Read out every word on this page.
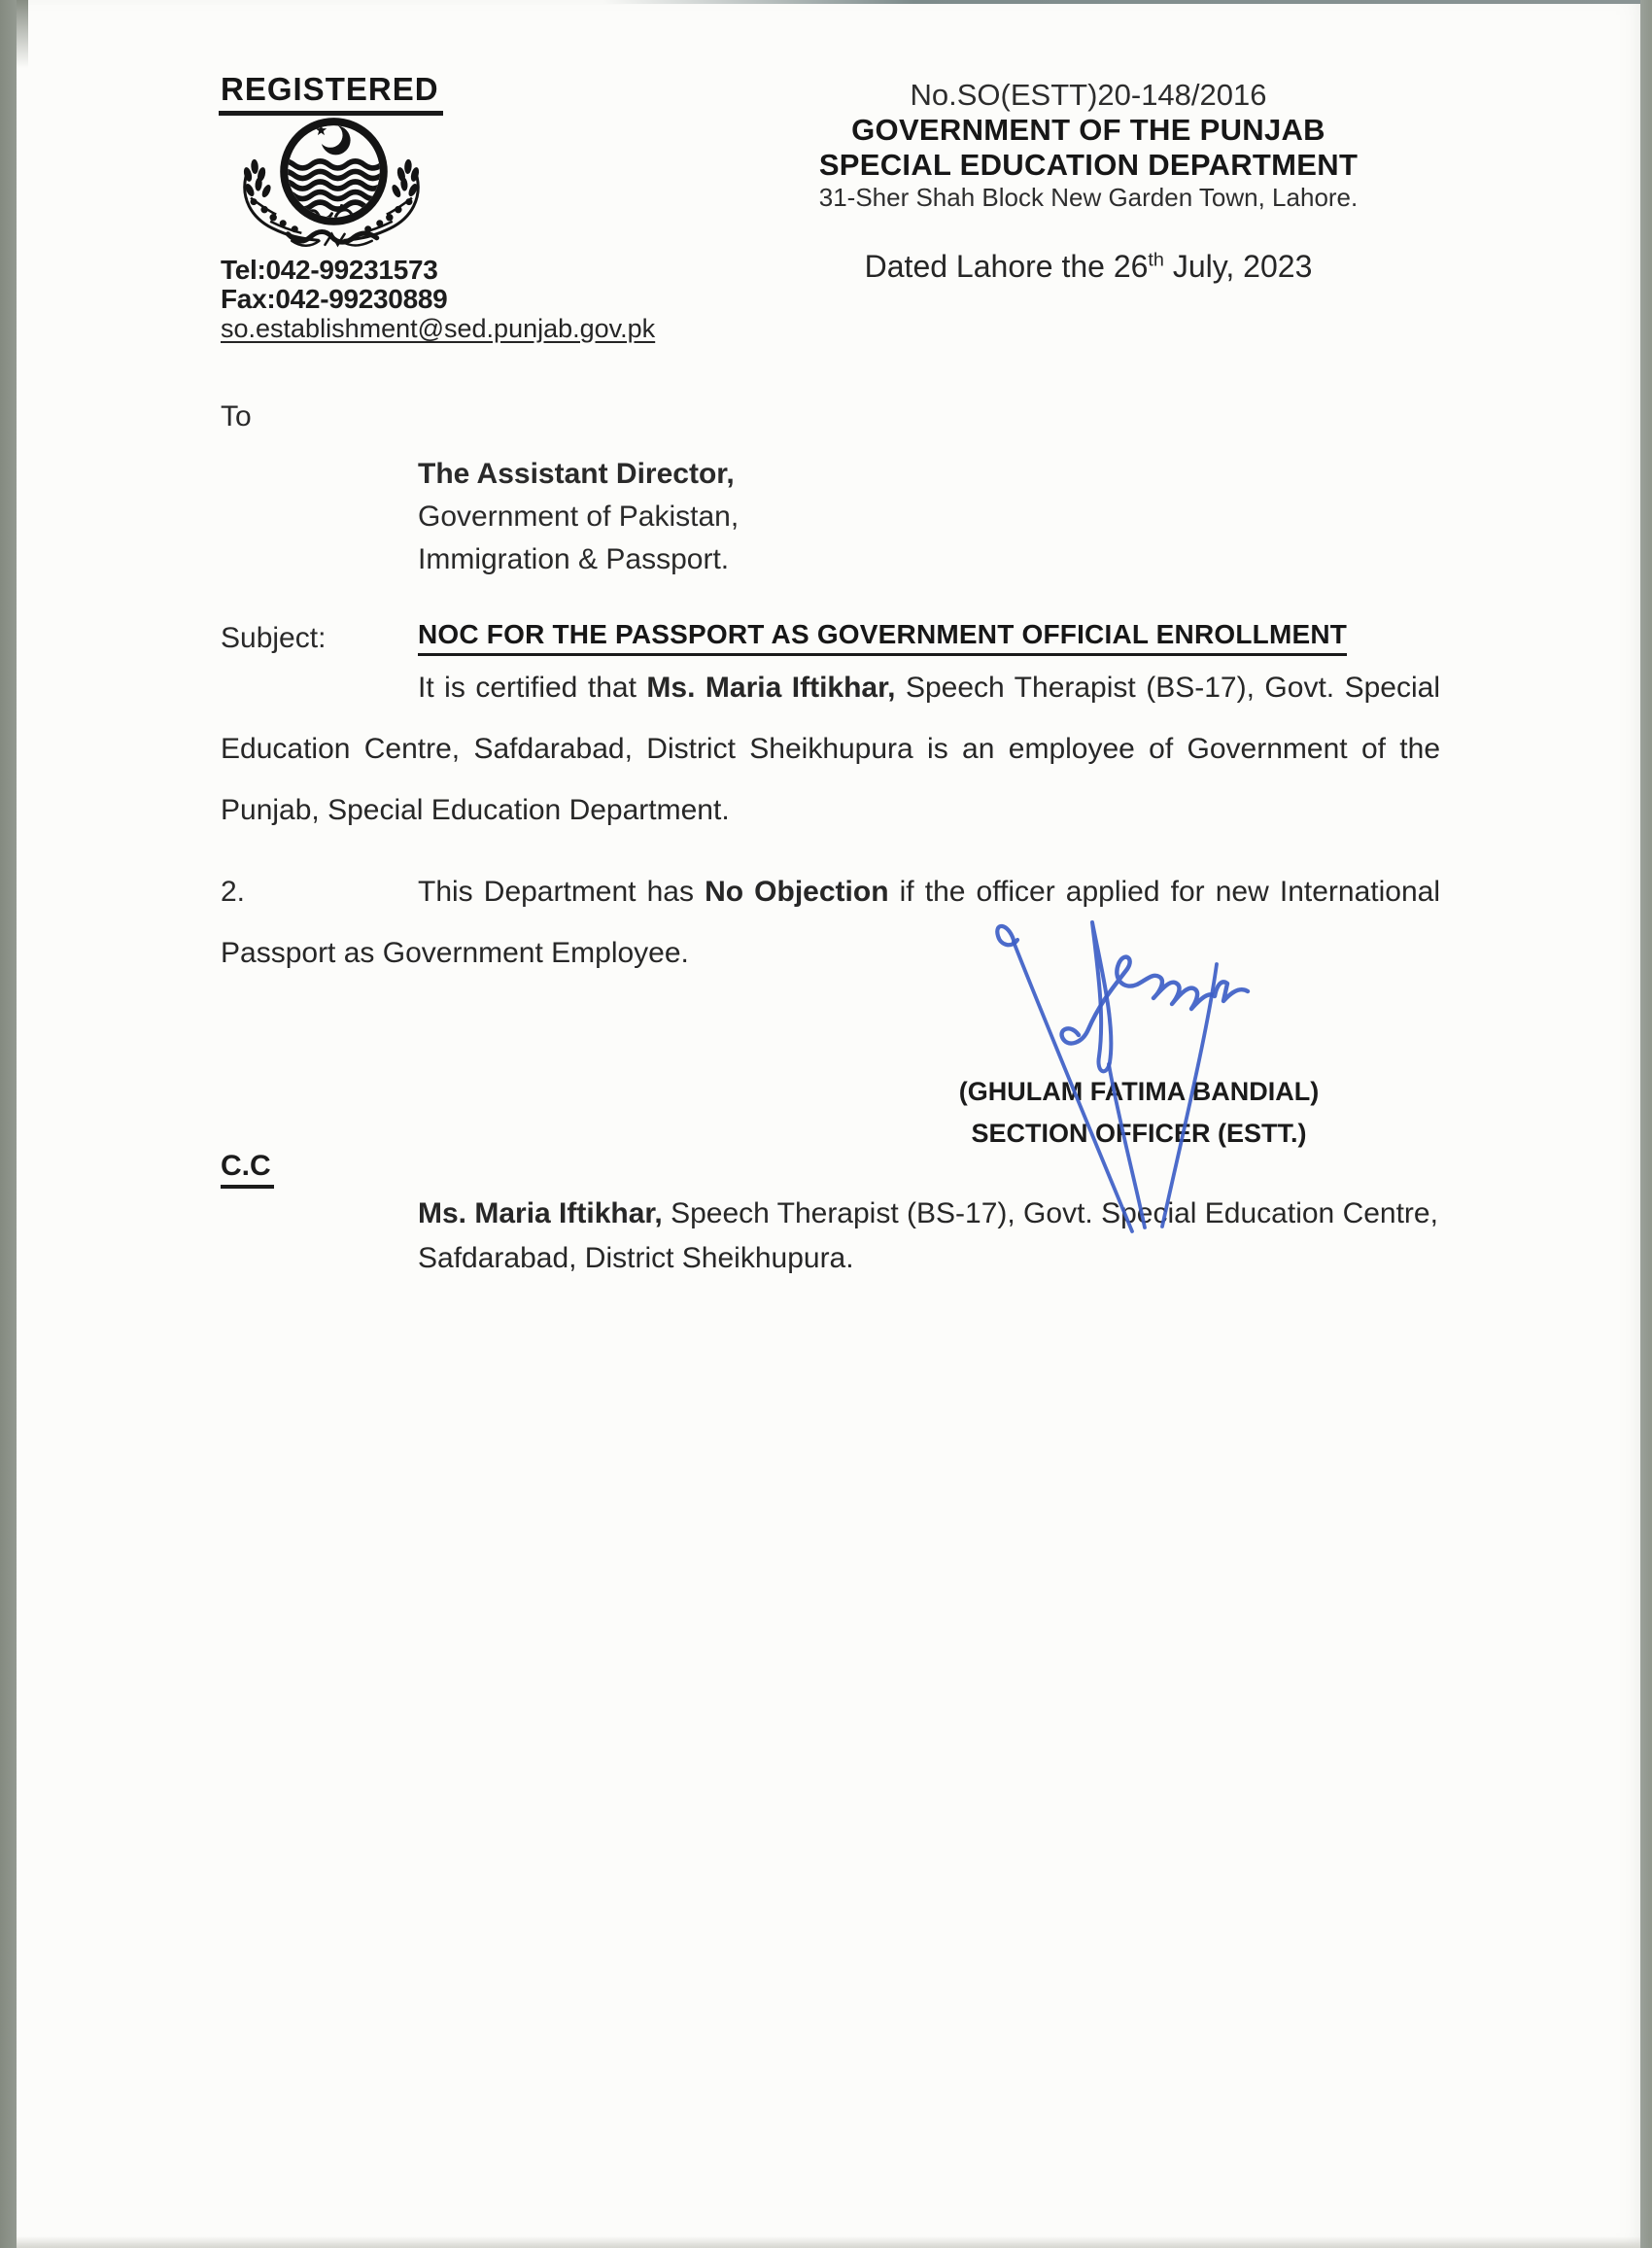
REGISTERED
Tel:042-99231573
Fax:042-99230889
so.establishment@sed.punjab.gov.pk
No.SO(ESTT)20-148/2016
GOVERNMENT OF THE PUNJAB
SPECIAL EDUCATION DEPARTMENT
31-Sher Shah Block New Garden Town, Lahore.
Dated Lahore the 26th July, 2023
To
The Assistant Director,
Government of Pakistan,
Immigration & Passport.
Subject:	NOC FOR THE PASSPORT AS GOVERNMENT OFFICIAL ENROLLMENT
It is certified that Ms. Maria Iftikhar, Speech Therapist (BS-17), Govt. Special Education Centre, Safdarabad, District Sheikhupura is an employee of Government of the Punjab, Special Education Department.
2.	This Department has No Objection if the officer applied for new International Passport as Government Employee.
(GHULAM FATIMA BANDIAL)
SECTION OFFICER (ESTT.)
C.C
Ms. Maria Iftikhar, Speech Therapist (BS-17), Govt. Special Education Centre, Safdarabad, District Sheikhupura.
